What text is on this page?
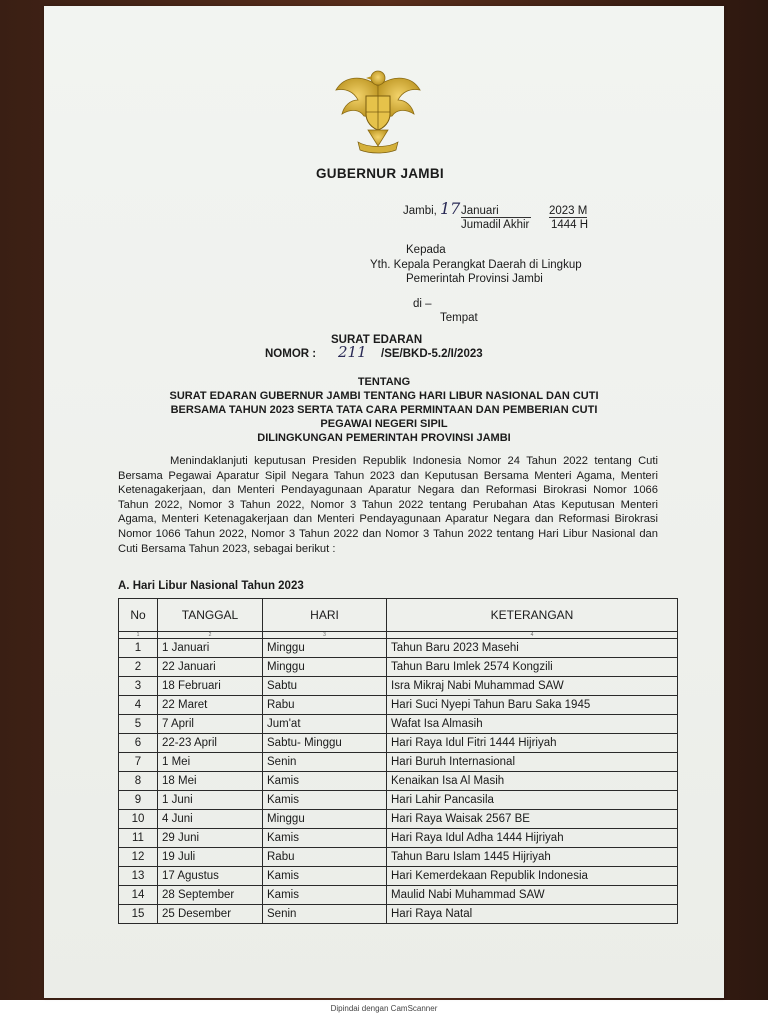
GUBERNUR JAMBI
Jambi, 17 Januari	2023 M
Jumadil Akhir 1444 H
Kepada
Yth. Kepala Perangkat Daerah di Lingkup
Pemerintah Provinsi Jambi
di –
Tempat
SURAT EDARAN
NOMOR : 211 /SE/BKD-5.2/I/2023
TENTANG
SURAT EDARAN GUBERNUR JAMBI TENTANG HARI LIBUR NASIONAL DAN CUTI
BERSAMA TAHUN 2023 SERTA TATA CARA PERMINTAAN DAN PEMBERIAN CUTI
PEGAWAI NEGERI SIPIL
DILINGKUNGAN PEMERINTAH PROVINSI JAMBI
Menindaklanjuti keputusan Presiden Republik Indonesia Nomor 24 Tahun 2022 tentang Cuti Bersama Pegawai Aparatur Sipil Negara Tahun 2023 dan Keputusan Bersama Menteri Agama, Menteri Ketenagakerjaan, dan Menteri Pendayagunaan Aparatur Negara dan Reformasi Birokrasi Nomor 1066 Tahun 2022, Nomor 3 Tahun 2022, Nomor 3 Tahun 2022 tentang Perubahan Atas Keputusan Menteri Agama, Menteri Ketenagakerjaan dan Menteri Pendayagunaan Aparatur Negara dan Reformasi Birokrasi Nomor 1066 Tahun 2022, Nomor 3 Tahun 2022 dan Nomor 3 Tahun 2022 tentang Hari Libur Nasional dan Cuti Bersama Tahun 2023, sebagai berikut :
A. Hari Libur Nasional Tahun 2023
No	TANGGAL	HARI	KETERANGAN
1	2	3	4
1	1 Januari	Minggu	Tahun Baru 2023 Masehi
2	22 Januari	Minggu	Tahun Baru Imlek 2574 Kongzili
3	18 Februari	Sabtu	Isra Mikraj Nabi Muhammad SAW
4	22 Maret	Rabu	Hari Suci Nyepi Tahun Baru Saka 1945
5	7 April	Jum'at	Wafat Isa Almasih
6	22-23 April	Sabtu- Minggu	Hari Raya Idul Fitri 1444 Hijriyah
7	1 Mei	Senin	Hari Buruh Internasional
8	18 Mei	Kamis	Kenaikan Isa Al Masih
9	1 Juni	Kamis	Hari Lahir Pancasila
10	4 Juni	Minggu	Hari Raya Waisak 2567 BE
11	29 Juni	Kamis	Hari Raya Idul Adha 1444 Hijriyah
12	19 Juli	Rabu	Tahun Baru Islam 1445 Hijriyah
13	17 Agustus	Kamis	Hari Kemerdekaan Republik Indonesia
14	28 September	Kamis	Maulid Nabi Muhammad SAW
15	25 Desember	Senin	Hari Raya Natal
Dipindai dengan CamScanner
